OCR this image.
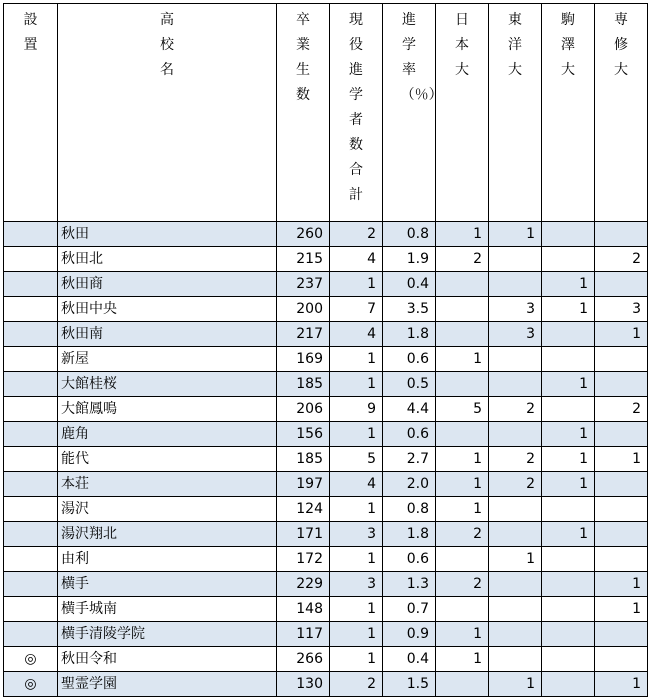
設置	高校名	卒業生数	現役進学者数合計	進学率（％）	日本大	東洋大	駒澤大	専修大
	秋田	260	2	0.8	1	1		
	秋田北	215	4	1.9	2			2
	秋田商	237	1	0.4			1	
	秋田中央	200	7	3.5		3	1	3
	秋田南	217	4	1.8		3		1
	新屋	169	1	0.6	1			
	大館桂桜	185	1	0.5			1	
	大館鳳鳴	206	9	4.4	5	2		2
	鹿角	156	1	0.6			1	
	能代	185	5	2.7	1	2	1	1
	本荘	197	4	2.0	1	2	1	
	湯沢	124	1	0.8	1			
	湯沢翔北	171	3	1.8	2		1	
	由利	172	1	0.6		1		
	横手	229	3	1.3	2			1
	横手城南	148	1	0.7				1
	横手清陵学院	117	1	0.9	1			
◎	秋田令和	266	1	0.4	1			
◎	聖霊学園	130	2	1.5		1		1
